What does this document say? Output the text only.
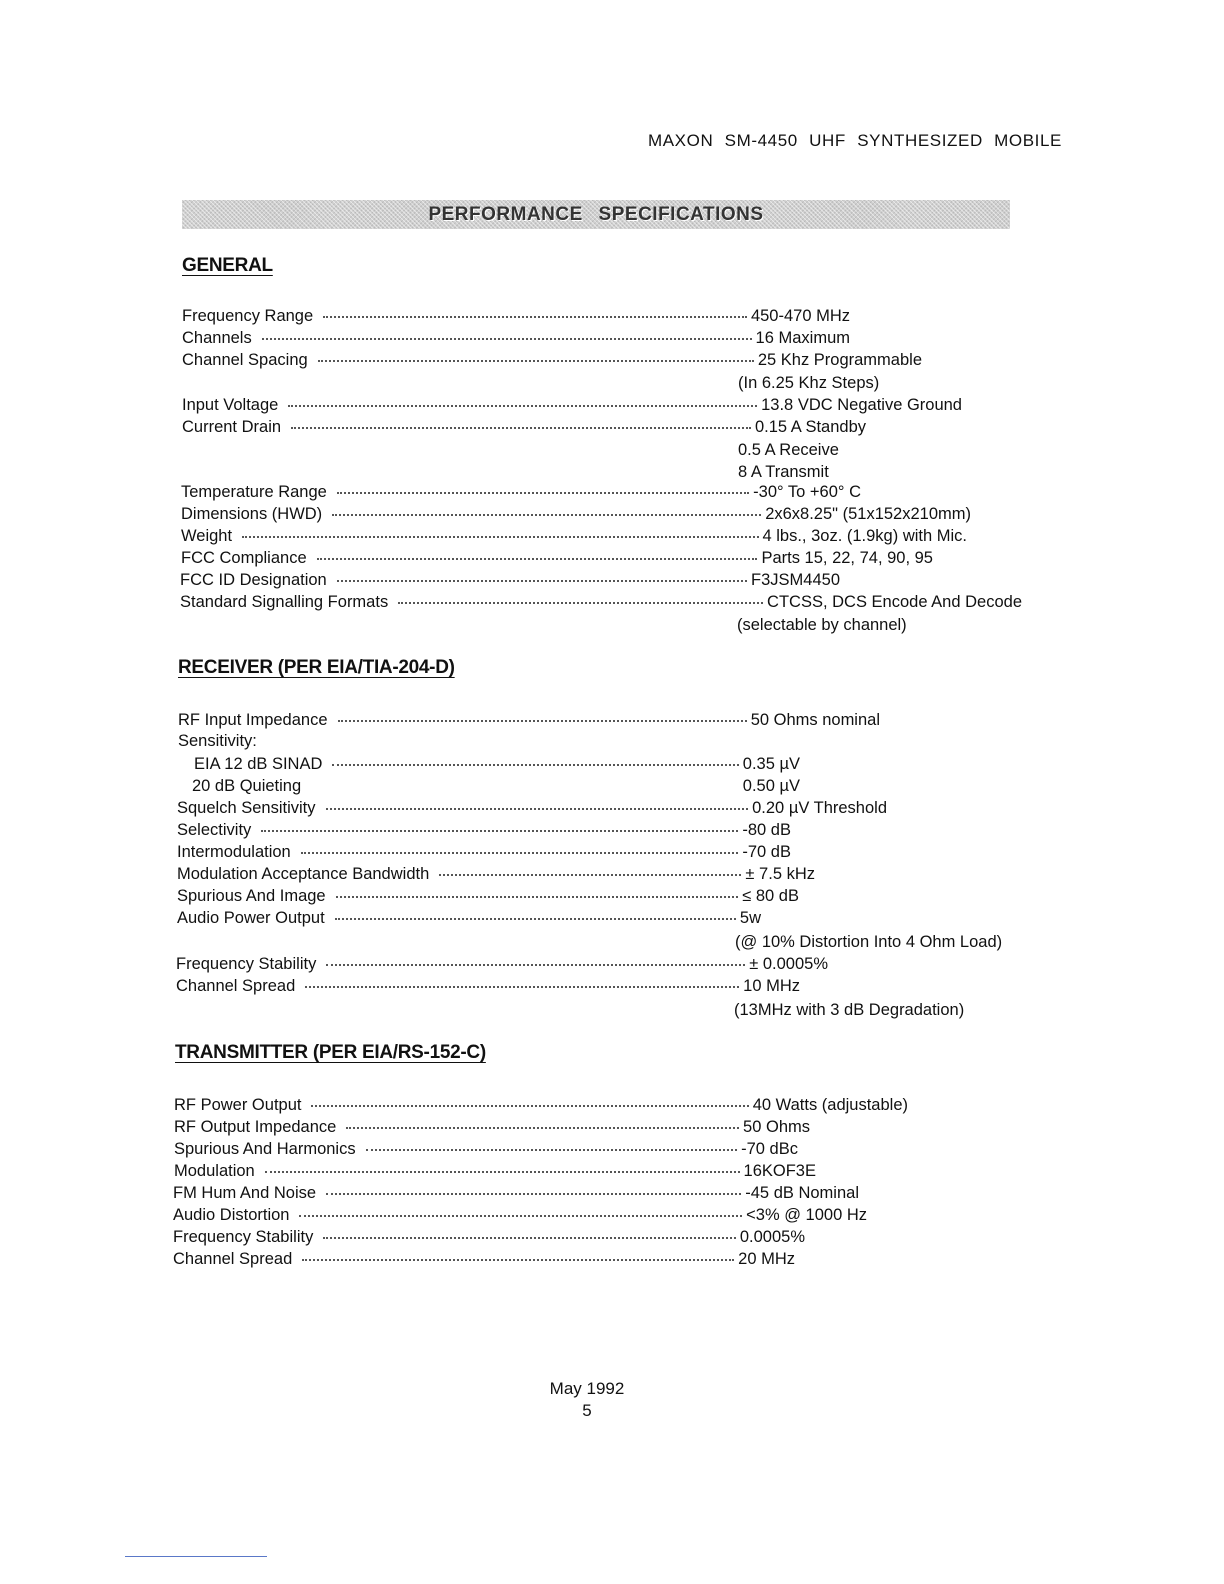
MAXON SM-4450 UHF SYNTHESIZED MOBILE
PERFORMANCE SPECIFICATIONS
GENERAL
Frequency Range	450-470 MHz
Channels	16 Maximum
Channel Spacing	25 Khz Programmable
(In 6.25 Khz Steps)
Input Voltage	13.8 VDC Negative Ground
Current Drain	0.15 A Standby
0.5 A Receive
8 A Transmit
Temperature Range	-30° To +60° C
Dimensions (HWD)	2x6x8.25" (51x152x210mm)
Weight	4 lbs., 3oz. (1.9kg) with Mic.
FCC Compliance	Parts 15, 22, 74, 90, 95
FCC ID Designation	F3JSM4450
Standard Signalling Formats	CTCSS, DCS Encode And Decode
(selectable by channel)
RECEIVER (PER EIA/TIA-204-D)
RF Input Impedance	50 Ohms nominal
Sensitivity:
EIA 12 dB SINAD	0.35 µV
20 dB Quieting	0.50 µV
Squelch Sensitivity	0.20 µV Threshold
Selectivity	-80 dB
Intermodulation	-70 dB
Modulation Acceptance Bandwidth	± 7.5 kHz
Spurious And Image	≤ 80 dB
Audio Power Output	5w
(@ 10% Distortion Into 4 Ohm Load)
Frequency Stability	± 0.0005%
Channel Spread	10 MHz
(13MHz with 3 dB Degradation)
TRANSMITTER (PER EIA/RS-152-C)
RF Power Output	40 Watts (adjustable)
RF Output Impedance	50 Ohms
Spurious And Harmonics	-70 dBc
Modulation	16KOF3E
FM Hum And Noise	-45 dB Nominal
Audio Distortion	<3% @ 1000 Hz
Frequency Stability	0.0005%
Channel Spread	20 MHz
May 1992
5
